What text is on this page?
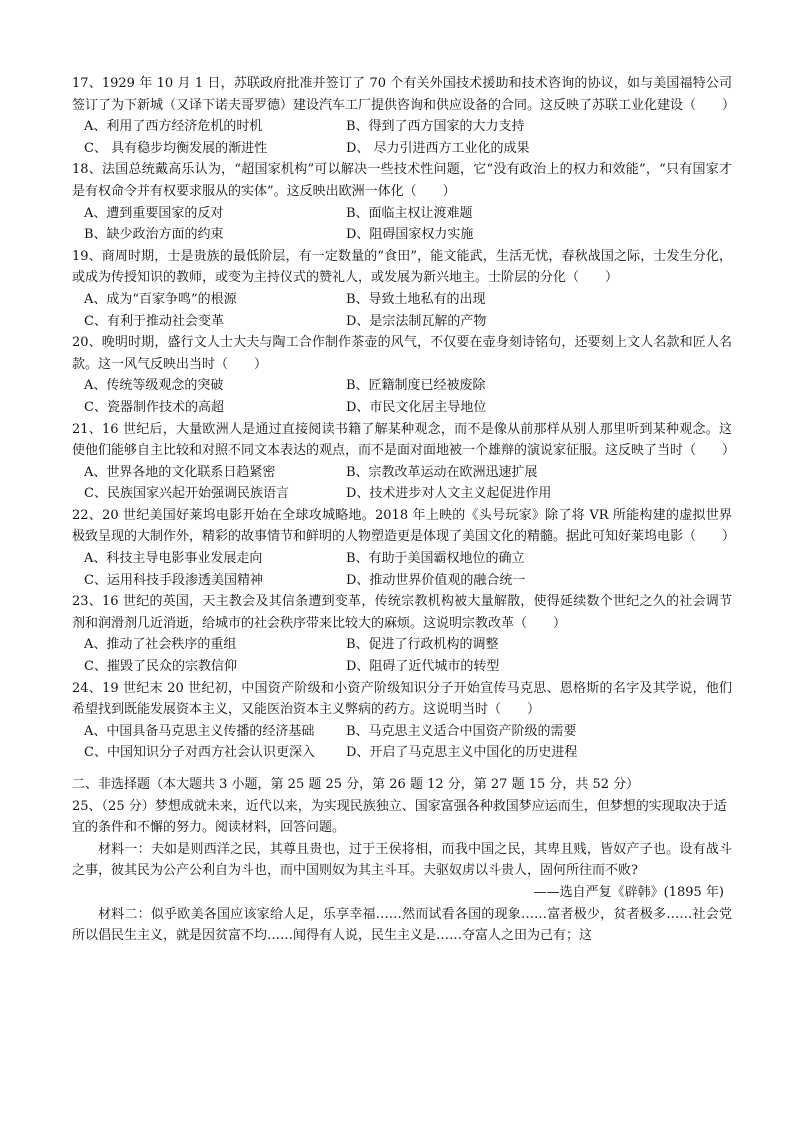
17、1929 年 10 月 1 日，苏联政府批准并签订了 70 个有关外国技术援助和技术咨询的协议，如与美国福特公司签订了为下新城（又译下诺夫哥罗德）建设汽车工厂提供咨询和供应设备的合同。这反映了苏联工业化建设（　　）

A、利用了西方经济危机的时机	B、得到了西方国家的大力支持
C、 具有稳步均衡发展的渐进性	D、 尽力引进西方工业化的成果

18、法国总统戴高乐认为，“超国家机构”可以解决一些技术性问题，它“没有政治上的权力和效能”，“只有国家才是有权命令并有权要求服从的实体”。这反映出欧洲一体化（　　）

A、遭到重要国家的反对	B、面临主权让渡难题
B、缺少政治方面的约束	D、阻碍国家权力实施

19、商周时期，士是贵族的最低阶层，有一定数量的“食田”，能文能武，生活无忧，春秋战国之际，士发生分化，或成为传授知识的教师，或变为主持仪式的赞礼人，或发展为新兴地主。士阶层的分化（　　）

A、成为“百家争鸣”的根源	B、导致土地私有的出现
C、有利于推动社会变革	D、是宗法制瓦解的产物

20、晚明时期，盛行文人士大夫与陶工合作制作茶壶的风气，不仅要在壶身刻诗铭句，还要刻上文人名款和匠人名款。这一风气反映出当时（　　）

A、传统等级观念的突破	B、匠籍制度已经被废除
C、瓷器制作技术的高超	D、市民文化居主导地位

21、16 世纪后，大量欧洲人是通过直接阅读书籍了解某种观念，而不是像从前那样从别人那里听到某种观念。这使他们能够自主比较和对照不同文本表达的观点，而不是面对面地被一个雄辩的演说家征服。这反映了当时（　　）

A、世界各地的文化联系日趋紧密	B、宗教改革运动在欧洲迅速扩展
C、民族国家兴起开始强调民族语言	D、技术进步对人文主义起促进作用

22、20 世纪美国好莱坞电影开始在全球攻城略地。2018 年上映的《头号玩家》除了将 VR 所能构建的虚拟世界极致呈现的大制作外，精彩的故事情节和鲜明的人物塑造更是体现了美国文化的精髓。据此可知好莱坞电影（　　）

A、科技主导电影事业发展走向	B、有助于美国霸权地位的确立
C、运用科技手段渗透美国精神	D、推动世界价值观的融合统一

23、16 世纪的英国，天主教会及其信条遭到变革，传统宗教机构被大量解散，使得延续数个世纪之久的社会调节剂和润滑剂几近消逝，给城市的社会秩序带来比较大的麻烦。这说明宗教改革（　　）

A、推动了社会秩序的重组	B、促进了行政机构的调整
C、摧毁了民众的宗教信仰	D、阻碍了近代城市的转型

24、19 世纪末 20 世纪初，中国资产阶级和小资产阶级知识分子开始宣传马克思、恩格斯的名字及其学说，他们希望找到既能发展资本主义，又能医治资本主义弊病的药方。这说明当时（　　）

A、中国具备马克思主义传播的经济基础	B、马克思主义适合中国资产阶级的需要
C、中国知识分子对西方社会认识更深入	D、开启了马克思主义中国化的历史进程

二、非选择题（本大题共 3 小题，第 25 题 25 分，第 26 题 12 分，第 27 题 15 分，共 52 分）

25、（25 分）梦想成就未来，近代以来，为实现民族独立、国家富强各种救国梦应运而生，但梦想的实现取决于适宜的条件和不懈的努力。阅读材料，回答问题。

材料一：夫如是则西洋之民，其尊且贵也，过于王侯将相，而我中国之民，其卑且贱，皆奴产子也。设有战斗之事，彼其民为公产公利自为斗也，而中国则奴为其主斗耳。夫驱奴虏以斗贵人，固何所往而不败?

——选自严复《辟韩》(1895 年)

材料二：似乎欧美各国应该家给人足，乐享幸福……然而试看各国的现象……富者极少，贫者极多……社会党所以倡民生主义，就是因贫富不均……闻得有人说，民生主义是……夺富人之田为己有；这
